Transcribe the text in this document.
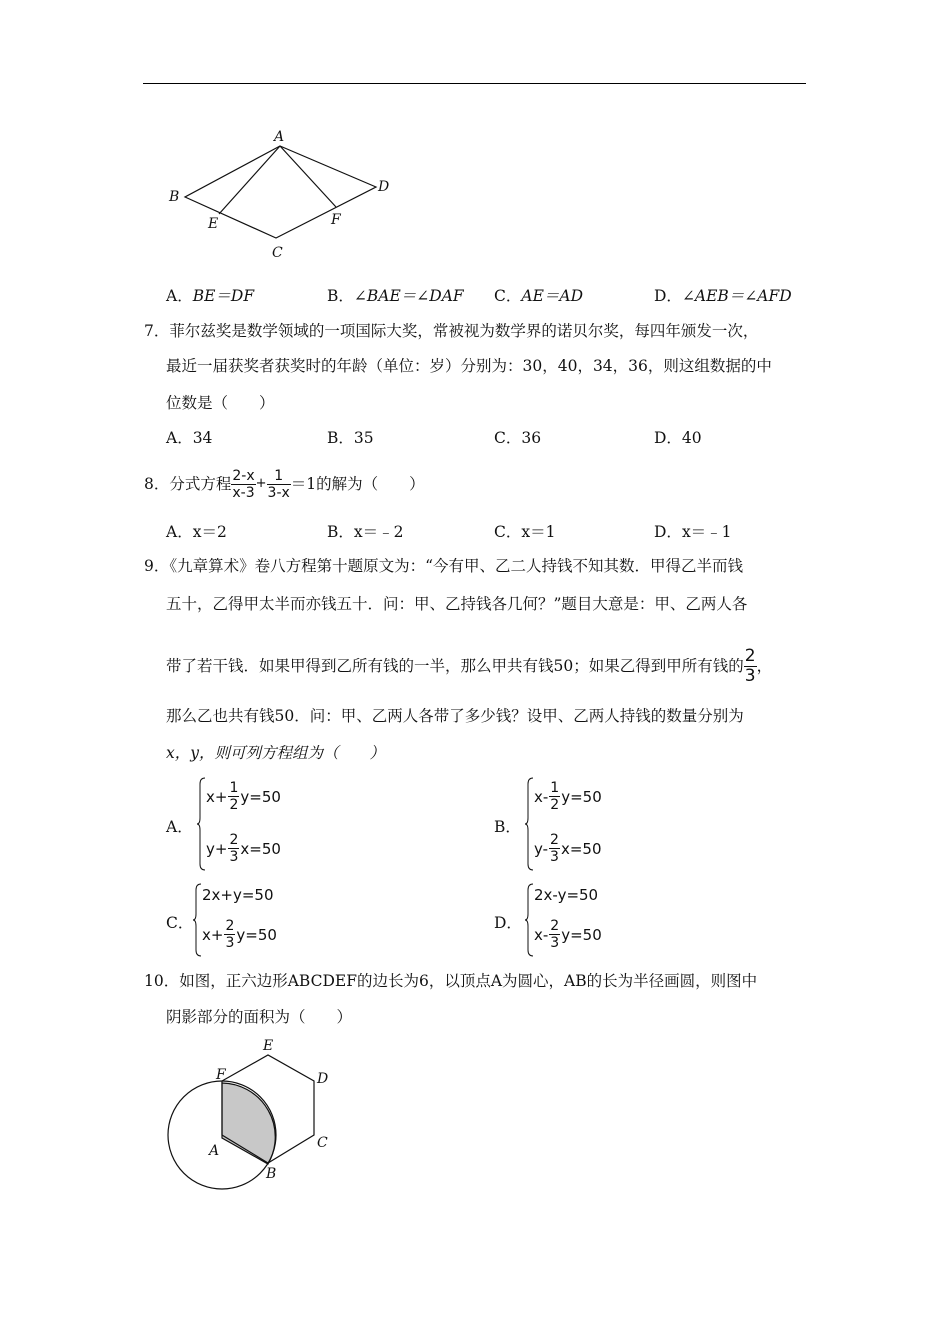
A
B
C
D
E	F
A．BE＝DF	B．∠BAE＝∠DAF C．AE＝AD	D．∠AEB＝∠AFD
7．菲尔兹奖是数学领域的一项国际大奖，常被视为数学界的诺贝尔奖，每四年颁发一次，
最近一届获奖者获奖时的年龄（单位：岁）分别为：30，40，34，36，则这组数据的中
位数是（　　）
A．34	B．35	C．36	D．40
8．分式方程 $\frac{2-x}{x-3} + \frac{1}{3-x} =1$的解为（　　）
A．x＝2	B．x＝﹣2	C．x＝1	D．x＝﹣1
9．《九章算术》卷八方程第十题原文为：“今有甲、乙二人持钱不知其数．甲得乙半而钱
五十，乙得甲太半而亦钱五十．问：甲、乙持钱各几何？”题目大意是：甲、乙两人各
带了若干钱．如果甲得到乙所有钱的一半，那么甲共有钱50；如果乙得到甲所有钱的 $\frac{2}{3}$ ，
那么乙也共有钱50．问：甲、乙两人各带了多少钱？设甲、乙两人持钱的数量分别为
x，y，则可列方程组为（　　）
A．
$x+ \frac{1}{2} y=50$
$y+ \frac{2}{3} x=50$
B．
$x- \frac{1}{2} y=50$
$y- \frac{2}{3} x=50$
C．
2x+y=50
$x+ \frac{2}{3} y=50$
D．
2x-y=50
$x- \frac{2}{3} y=50$
10．如图，正六边形ABCDEF的边长为6，以顶点A为圆心，AB的长为半径画圆，则图中
阴影部分的面积为（　　）
F
E
D
C
B
A
